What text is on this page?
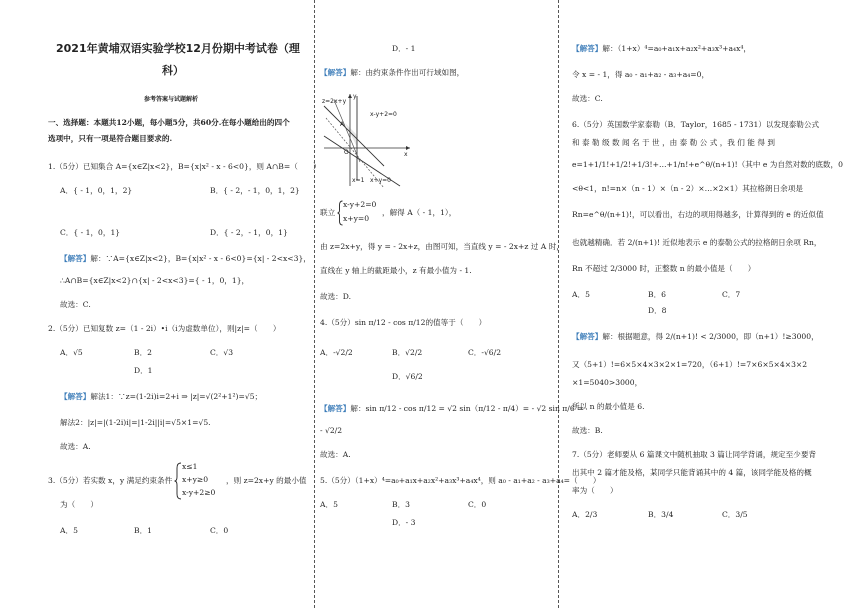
2021年黄埔双语实验学校12月份期中考试卷（理
科）
参考答案与试题解析
一、选择题：本题共12小题，每小题5分，共60分.在每小题给出的四个
选项中，只有一项是符合题目要求的.
1.（5分）已知集合 A={x∈Z|x<2}，B={x|x² - x - 6<0}，则 A∩B=（　　）
A．{ - 1，0，1，2}	B．{ - 2，- 1，0，1，2}
C．{ - 1，0，1}	D．{ - 2，- 1，0，1}
【解答】解：∵A={x∈Z|x<2}，B={x|x² - x - 6<0}={x| - 2<x<3}，
∴A∩B={x∈Z|x<2}∩{x| - 2<x<3}={ - 1，0，1}，
故选：C.
2.（5分）已知复数 z=（1 - 2i）•i（i为虚数单位），则|z|=（　　）
A．√5	B．2	C．√3
D．1
【解答】解法1：∵z=(1-2i)i=2+i ⇒ |z|=√(2²+1²)=√5；
解法2：|z|=|(1-2i)i|=|1-2i||i|=√5×1=√5.
故选：A.
3.（5分）若实数 x，y 满足约束条件
x≤1
x+y≥0
x-y+2≥0
，则 z=2x+y 的最小值
为（　　）
A．5	B．1	C．0
D．- 1
【解答】解：由约束条件作出可行域如图，
z=2x+y
x-y+2=0
A
O	x
y
x=1 x+y=0
联立
x-y+2=0
x+y=0
，解得 A（ - 1，1），
由 z=2x+y，得 y = - 2x+z，由图可知，当直线 y = - 2x+z 过 A 时，
直线在 y 轴上的截距最小，z 有最小值为 - 1.
故选：D.
4.（5分）sin π/12 - cos π/12的值等于（　　）
A．-√2/2	B．√2/2	C．-√6/2
D．√6/2
【解答】解：sin π/12 - cos π/12 = √2 sin（π/12 - π/4）= - √2 sin π/6 =
- √2/2
故选：A.
5.（5分）（1+x）⁴=a₀+a₁x+a₂x²+a₃x³+a₄x⁴，则 a₀ - a₁+a₂ - a₃+a₄=（　　）
A．5	B．3	C．0
D．- 3
【解答】解：（1+x）⁴=a₀+a₁x+a₂x²+a₃x³+a₄x⁴，
令 x = - 1，得 a₀ - a₁+a₂ - a₃+a₄=0，
故选：C.
6.（5分）英国数学家泰勒（B．Taylor，1685 - 1731）以发现泰勒公式
和 泰 勒 级 数 闻 名 于 世 ，由 泰 勒 公 式 ，我 们 能 得 到
e=1+1/1!+1/2!+1/3!+…+1/n!+e^θ/(n+1)!（其中 e 为自然对数的底数，0
<θ<1，n!=n×（n - 1）×（n - 2）×…×2×1）其拉格朗日余项是
Rn=e^θ/(n+1)!，可以看出，右边的项用得越多，计算得到的 e 的近似值
也就越精确．若 2/(n+1)! 近似地表示 e 的泰勒公式的拉格朗日余项 Rn，
Rn 不超过 2/3000 时，正整数 n 的最小值是（　　）
A．5	B．6	C．7
D．8
【解答】解：根据题意，得 2/(n+1)! < 2/3000，即（n+1）!≥3000，
又（5+1）!=6×5×4×3×2×1=720，（6+1）!=7×6×5×4×3×2
×1=5040>3000，
所以 n 的最小值是 6.
故选：B.
7.（5分）老师要从 6 篇课文中随机抽取 3 篇让同学背诵，规定至少要背
出其中 2 篇才能及格，某同学只能背诵其中的 4 篇，该同学能及格的概
率为（　　）
A．2/3	B．3/4	C．3/5
